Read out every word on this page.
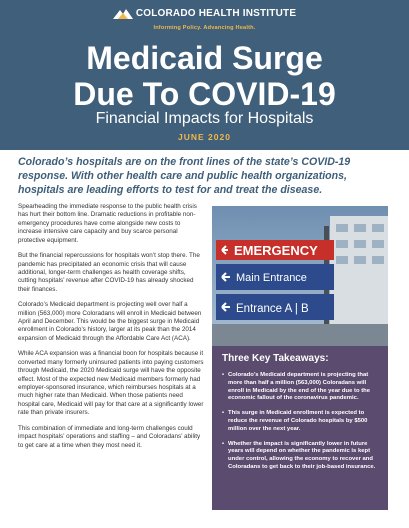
COLORADO HEALTH INSTITUTE
Informing Policy. Advancing Health.
Medicaid Surge
Due To COVID-19
Financial Impacts for Hospitals
JUNE 2020
Colorado’s hospitals are on the front lines of the state’s COVID-19 response. With other health care and public health organizations, hospitals are leading efforts to test for and treat the disease.

Spearheading the immediate response to the public health crisis has hurt their bottom line. Dramatic reductions in profitable non-emergency procedures have come alongside new costs to increase intensive care capacity and buy scarce personal protective equipment.

But the financial repercussions for hospitals won’t stop there. The pandemic has precipitated an economic crisis that will cause additional, longer-term challenges as health coverage shifts, cutting hospitals’ revenue after COVID-19 has already shocked their finances.

Colorado’s Medicaid department is projecting well over half a million (563,000) more Coloradans will enroll in Medicaid between April and December. This would be the biggest surge in Medicaid enrollment in Colorado’s history, larger at its peak than the 2014 expansion of Medicaid through the Affordable Care Act (ACA).

While ACA expansion was a financial boon for hospitals because it converted many formerly uninsured patients into paying customers through Medicaid, the 2020 Medicaid surge will have the opposite effect. Most of the expected new Medicaid members formerly had employer-sponsored insurance, which reimburses hospitals at a much higher rate than Medicaid. When those patients need hospital care, Medicaid will pay for that care at a significantly lower rate than private insurers.

This combination of immediate and long-term challenges could impact hospitals’ operations and staffing – and Coloradans’ ability to get care at a time when they most need it.

EMERGENCY
Main Entrance
Entrance A | B
Three Key Takeaways:
• Colorado’s Medicaid department is projecting that more than half a million (563,000) Coloradans will enroll in Medicaid by the end of the year due to the economic fallout of the coronavirus pandemic.
• This surge in Medicaid enrollment is expected to reduce the revenue of Colorado hospitals by $500 million over the next year.
• Whether the impact is significantly lower in future years will depend on whether the pandemic is kept under control, allowing the economy to recover and Coloradans to get back to their job-based insurance.
